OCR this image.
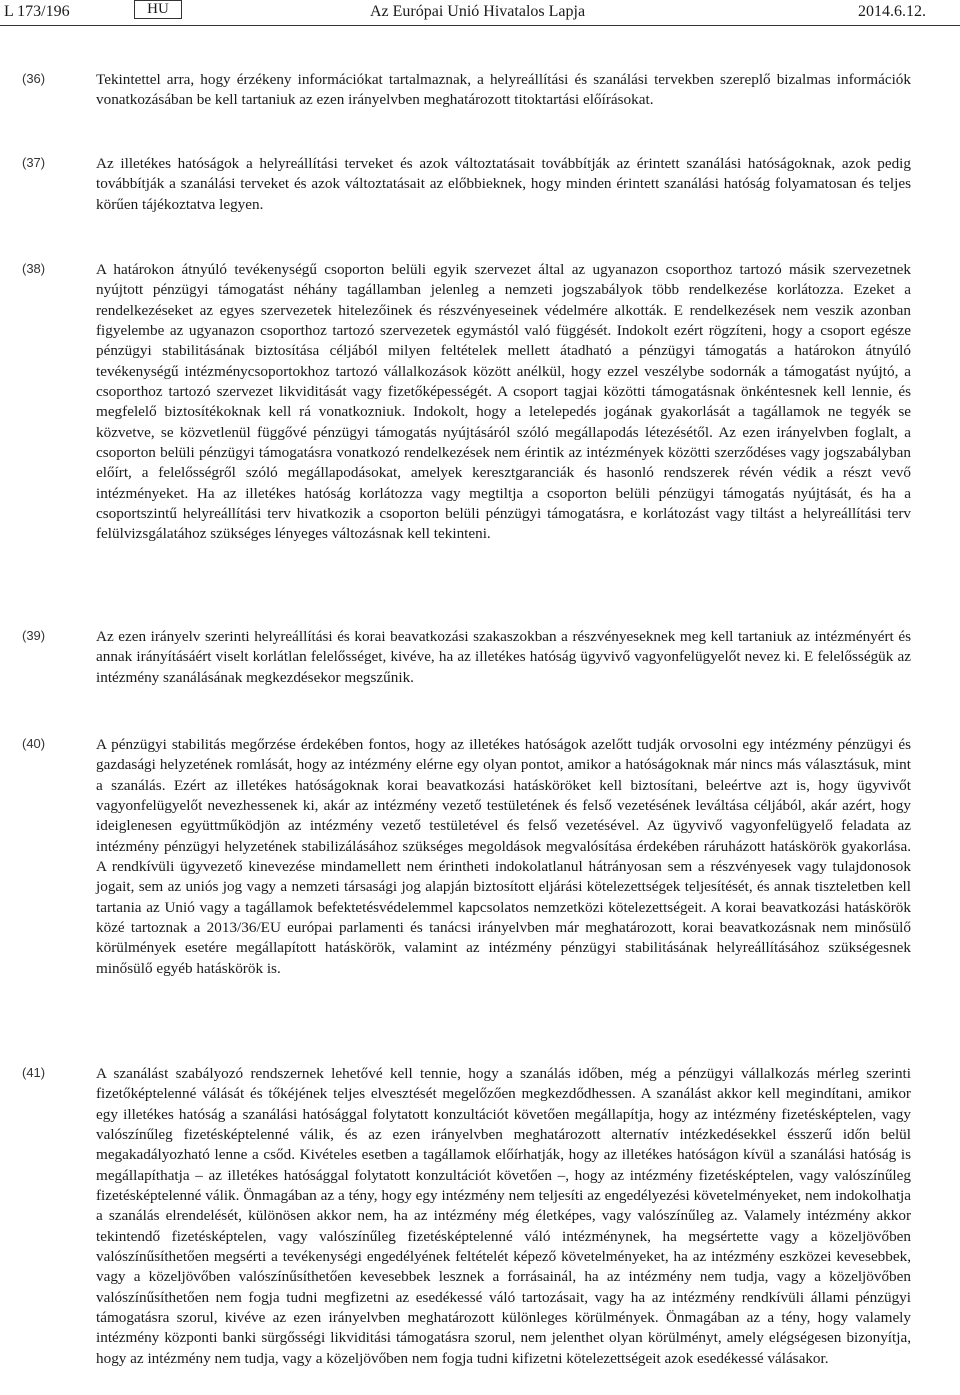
L 173/196	HU	Az Európai Unió Hivatalos Lapja	2014.6.12.
(36)	Tekintettel arra, hogy érzékeny információkat tartalmaznak, a helyreállítási és szanálási tervekben szereplő bizalmas információk vonatkozásában be kell tartaniuk az ezen irányelvben meghatározott titoktartási előírásokat.
(37)	Az illetékes hatóságok a helyreállítási terveket és azok változtatásait továbbítják az érintett szanálási hatóságoknak, azok pedig továbbítják a szanálási terveket és azok változtatásait az előbbieknek, hogy minden érintett szanálási hatóság folyamatosan és teljes körűen tájékoztatva legyen.
(38)	A határokon átnyúló tevékenységű csoporton belüli egyik szervezet által az ugyanazon csoporthoz tartozó másik szervezetnek nyújtott pénzügyi támogatást néhány tagállamban jelenleg a nemzeti jogszabályok több rendelkezése korlátozza. Ezeket a rendelkezéseket az egyes szervezetek hitelezőinek és részvényeseinek védelmére alkották. E rendelkezések nem veszik azonban figyelembe az ugyanazon csoporthoz tartozó szervezetek egymástól való függését. Indokolt ezért rögzíteni, hogy a csoport egésze pénzügyi stabilitásának biztosítása céljából milyen feltételek mellett átadható a pénzügyi támogatás a határokon átnyúló tevékenységű intézménycsoportokhoz tartozó vállalkozások között anélkül, hogy ezzel veszélybe sodornák a támogatást nyújtó, a csoporthoz tartozó szervezet likviditását vagy fizetőképességét. A csoport tagjai közötti támogatásnak önkéntesnek kell lennie, és megfelelő biztosítékoknak kell rá vonatkozniuk. Indokolt, hogy a letelepedés jogának gyakorlását a tagállamok ne tegyék se közvetve, se közvetlenül függővé pénzügyi támogatás nyújtásáról szóló megállapodás létezésétől. Az ezen irányelvben foglalt, a csoporton belüli pénzügyi támogatásra vonatkozó rendelkezések nem érintik az intézmények közötti szerződéses vagy jogszabályban előírt, a felelősségről szóló megállapodásokat, amelyek keresztgaranciák és hasonló rendszerek révén védik a részt vevő intézményeket. Ha az illetékes hatóság korlátozza vagy megtiltja a csoporton belüli pénzügyi támogatás nyújtását, és ha a csoportszintű helyreállítási terv hivatkozik a csoporton belüli pénzügyi támogatásra, e korlátozást vagy tiltást a helyreállítási terv felülvizsgálatához szükséges lényeges változásnak kell tekinteni.
(39)	Az ezen irányelv szerinti helyreállítási és korai beavatkozási szakaszokban a részvényeseknek meg kell tartaniuk az intézményért és annak irányításáért viselt korlátlan felelősséget, kivéve, ha az illetékes hatóság ügyvivő vagyonfelügyelőt nevez ki. E felelősségük az intézmény szanálásának megkezdésekor megszűnik.
(40)	A pénzügyi stabilitás megőrzése érdekében fontos, hogy az illetékes hatóságok azelőtt tudják orvosolni egy intézmény pénzügyi és gazdasági helyzetének romlását, hogy az intézmény elérne egy olyan pontot, amikor a hatóságoknak már nincs más választásuk, mint a szanálás. Ezért az illetékes hatóságoknak korai beavatkozási hatásköröket kell biztosítani, beleértve azt is, hogy ügyvivőt vagyonfelügyelőt nevezhessenek ki, akár az intézmény vezető testületének és felső vezetésének leváltása céljából, akár azért, hogy ideiglenesen együttműködjön az intézmény vezető testületével és felső vezetésével. Az ügyvivő vagyonfelügyelő feladata az intézmény pénzügyi helyzetének stabilizálásához szükséges megoldások megvalósítása érdekében ráruházott hatáskörök gyakorlása. A rendkívüli ügyvezető kinevezése mindamellett nem érintheti indokolatlanul hátrányosan sem a részvényesek vagy tulajdonosok jogait, sem az uniós jog vagy a nemzeti társasági jog alapján biztosított eljárási kötelezettségek teljesítését, és annak tiszteletben kell tartania az Unió vagy a tagállamok befektetésvédelemmel kapcsolatos nemzetközi kötelezettségeit. A korai beavatkozási hatáskörök közé tartoznak a 2013/36/EU európai parlamenti és tanácsi irányelvben már meghatározott, korai beavatkozásnak nem minősülő körülmények esetére megállapított hatáskörök, valamint az intézmény pénzügyi stabilitásának helyreállításához szükségesnek minősülő egyéb hatáskörök is.
(41)	A szanálást szabályozó rendszernek lehetővé kell tennie, hogy a szanálás időben, még a pénzügyi vállalkozás mérleg szerinti fizetőképtelenné válását és tőkéjének teljes elvesztését megelőzően megkezdődhessen. A szanálást akkor kell megindítani, amikor egy illetékes hatóság a szanálási hatósággal folytatott konzultációt követően megállapítja, hogy az intézmény fizetésképtelen, vagy valószínűleg fizetésképtelenné válik, és az ezen irányelvben meghatározott alternatív intézkedésekkel ésszerű időn belül megakadályozható lenne a csőd. Kivételes esetben a tagállamok előírhatják, hogy az illetékes hatóságon kívül a szanálási hatóság is megállapíthatja – az illetékes hatósággal folytatott konzultációt követően –, hogy az intézmény fizetésképtelen, vagy valószínűleg fizetésképtelenné válik. Önmagában az a tény, hogy egy intézmény nem teljesíti az engedélyezési követelményeket, nem indokolhatja a szanálás elrendelését, különösen akkor nem, ha az intézmény még életképes, vagy valószínűleg az. Valamely intézmény akkor tekintendő fizetésképtelen, vagy valószínűleg fizetésképtelenné váló intézménynek, ha megsértette vagy a közeljövőben valószínűsíthetően megsérti a tevékenységi engedélyének feltételét képező követelményeket, ha az intézmény eszközei kevesebbek, vagy a közeljövőben valószínűsíthetően kevesebbek lesznek a forrásainál, ha az intézmény nem tudja, vagy a közeljövőben valószínűsíthetően nem fogja tudni megfizetni az esedékessé váló tartozásait, vagy ha az intézmény rendkívüli állami pénzügyi támogatásra szorul, kivéve az ezen irányelvben meghatározott különleges körülmények. Önmagában az a tény, hogy valamely intézmény központi banki sürgősségi likviditási támogatásra szorul, nem jelenthet olyan körülményt, amely elégségesen bizonyítja, hogy az intézmény nem tudja, vagy a közeljövőben nem fogja tudni kifizetni kötelezettségeit azok esedékessé válásakor.
